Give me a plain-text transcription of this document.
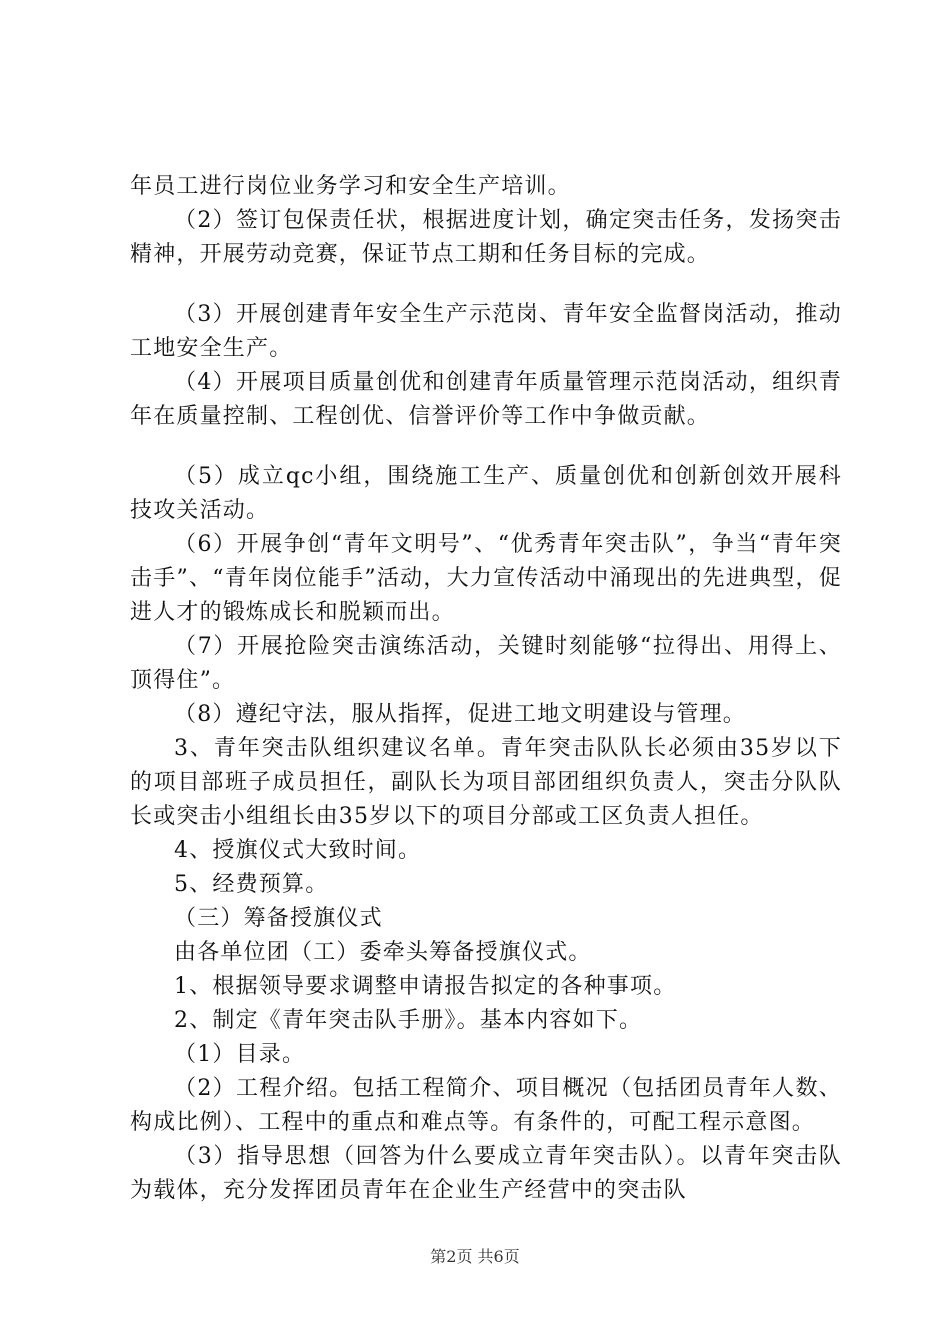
年员工进行岗位业务学习和安全生产培训。

（2）签订包保责任状，根据进度计划，确定突击任务，发扬突击精神，开展劳动竞赛，保证节点工期和任务目标的完成。

（3）开展创建青年安全生产示范岗、青年安全监督岗活动，推动工地安全生产。

（4）开展项目质量创优和创建青年质量管理示范岗活动，组织青年在质量控制、工程创优、信誉评价等工作中争做贡献。

（5）成立qc小组，围绕施工生产、质量创优和创新创效开展科技攻关活动。

（6）开展争创“青年文明号”、“优秀青年突击队”，争当“青年突击手”、“青年岗位能手”活动，大力宣传活动中涌现出的先进典型，促进人才的锻炼成长和脱颖而出。

（7）开展抢险突击演练活动，关键时刻能够“拉得出、用得上、顶得住”。

（8）遵纪守法，服从指挥，促进工地文明建设与管理。

3、青年突击队组织建议名单。青年突击队队长必须由35岁以下的项目部班子成员担任，副队长为项目部团组织负责人，突击分队队长或突击小组组长由35岁以下的项目分部或工区负责人担任。

4、授旗仪式大致时间。

5、经费预算。

（三）筹备授旗仪式

由各单位团（工）委牵头筹备授旗仪式。

1、根据领导要求调整申请报告拟定的各种事项。

2、制定《青年突击队手册》。基本内容如下。

（1）目录。

（2）工程介绍。包括工程简介、项目概况（包括团员青年人数、构成比例）、工程中的重点和难点等。有条件的，可配工程示意图。

（3）指导思想（回答为什么要成立青年突击队）。以青年突击队为载体，充分发挥团员青年在企业生产经营中的突击队

第2页 共6页
